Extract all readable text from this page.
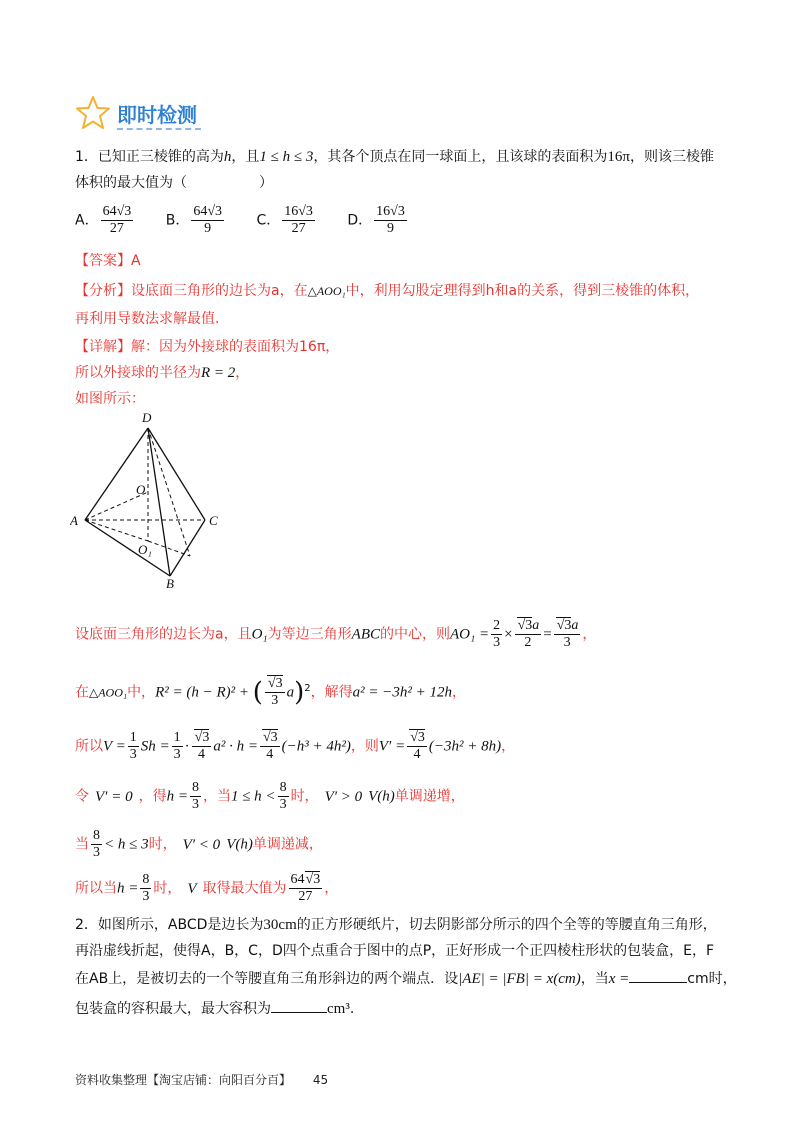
即时检测
1．已知正三棱锥的高为h，且1 ≤ h ≤ 3，其各个顶点在同一球面上，且该球的表面积为16π，则该三棱锥
体积的最大值为（	）
A． $\frac{64√3}{27}$ B． $\frac{64√3}{9}$ C． $\frac{16√3}{27}$ D． $\frac{16√3}{9}$
【答案】A
【分析】设底面三角形的边长为a，在△AOO₁中，利用勾股定理得到h和a的关系，得到三棱锥的体积，
再利用导数法求解最值.
【详解】解：因为外接球的表面积为16π，
所以外接球的半径为R = 2，
如图所示：
D
O
A	C
O₁
B
设底面三角形的边长为a，且O₁为等边三角形ABC的中心，则$AO_1 = \frac{2}{3} \times \frac{√3a}{2} = \frac{√3a}{3}$ ，
在△AOO₁中，R² = (h − R)² + ( $\frac{√3}{3} a)^2$，解得a² = −3h² + 12h，
所以$V = \frac{1}{3}$ $Sh = \frac{1}{3} \cdot \frac{√3}{4} a^2 \cdot h = \frac{√3}{4} (-h^3 + 4h^2)$，则$V' = \frac{√3}{4} (-3h^2 + 8h)$，
令 V′ = 0 ，得$h = \frac{8}{3}$ ，当$1 \le h < \frac{8}{3}$ 时， V′ > 0 V(h)单调递增，
当 $\frac{8}{3} < h \le 3$时， V′ < 0 V(h)单调递减，
所以当$h = \frac{8}{3}$ 时， V 取得最大值为 $\frac{64√3}{27}$ ，
2．如图所示，ABCD是边长为30cm的正方形硬纸片，切去阴影部分所示的四个全等的等腰直角三角形，
再沿虚线折起，使得A，B，C，D四个点重合于图中的点P，正好形成一个正四棱柱形状的包装盒，E，F
在AB上，是被切去的一个等腰直角三角形斜边的两个端点．设|AE| = |FB| = x(cm)，当x =	cm时，
包装盒的容积最大，最大容积为	cm³.
资料收集整理【淘宝店铺：向阳百分百】 45
